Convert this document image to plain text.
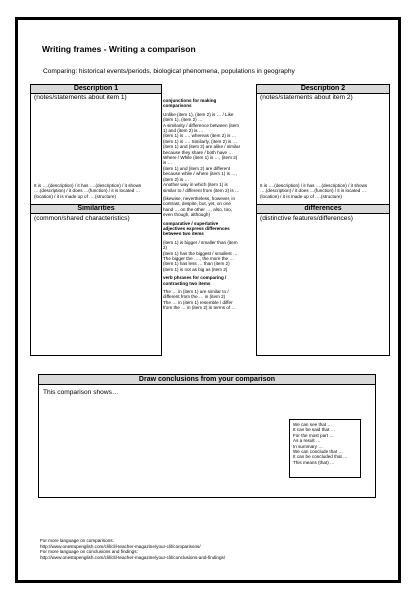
Writing frames - Writing a comparison
Comparing: historical events/periods, biological phenomena, populations in geography
Description 1
(notes/statements about item 1)
It is ….(description) / it has ….(description) / it shows
….(description) / it does …(function) / it is located …
(location) / it is made up of ….(structure)
Similarities
(common/shared characteristics)
Description 2
(notes/statements about item 2)
It is ….(description) / it has ….(description) / it shows
….(description) / it does …(function) / it is located …
(location) / it is made up of ….(structure)
differences
(distinctive features/differences)
conjunctions for making
comparisons
Unlike (item 1), (item 2) is … / Like
(item 1), (item 2) …
A similarity / difference between (item
1) and (item 2) is …
(item 1) is …, whereas (item 2) is …
(item 1) is …. Similarly, (item 2) is …
(item 1) and (item 2) are alike / similar
because they share / both have …
Where / While (item 1) is …, (item 2)
is …
(item 1) and (item 2) are different
because while / where (item 1) is …,
(item 2) is …
Another way in which (item 1) is
similar to / different from (item 2) is …
(likewise, nevertheless, however, in
contrast, despite, but, yet, on one
hand … on the other …, also, too,
even though, although)
comparative / superlative
adjectives express differences
between two items
(item 1) is bigger / smaller than (item
2)
(item 1) has the biggest / smallest …
The bigger the …., the more the …
(item 1) has less … than (item 2)
(item 1) is not as big as (item 2)
verb phrases for comparing /
contrasting two items
The … in (item 1) are similar to /
different from the … in (item 2)
The … in (item 1) resemble / differ
from the … in (item 2) in terms of …
Draw conclusions from your comparison
This comparison shows…
We can see that …
It can be said that …
For the most part …
As a result …
In summary …
We can conclude that …
It can be concluded that …
This means (that) …
For more language on comparisons:
http://www.onestopenglish.com/clil/clil-teacher-magazine/your-clil/comparisons/
For more language on conclusions and findings:
http://www.onestopenglish.com/clil/clil-teacher-magazine/your-clil/conclusions-and-findings/
